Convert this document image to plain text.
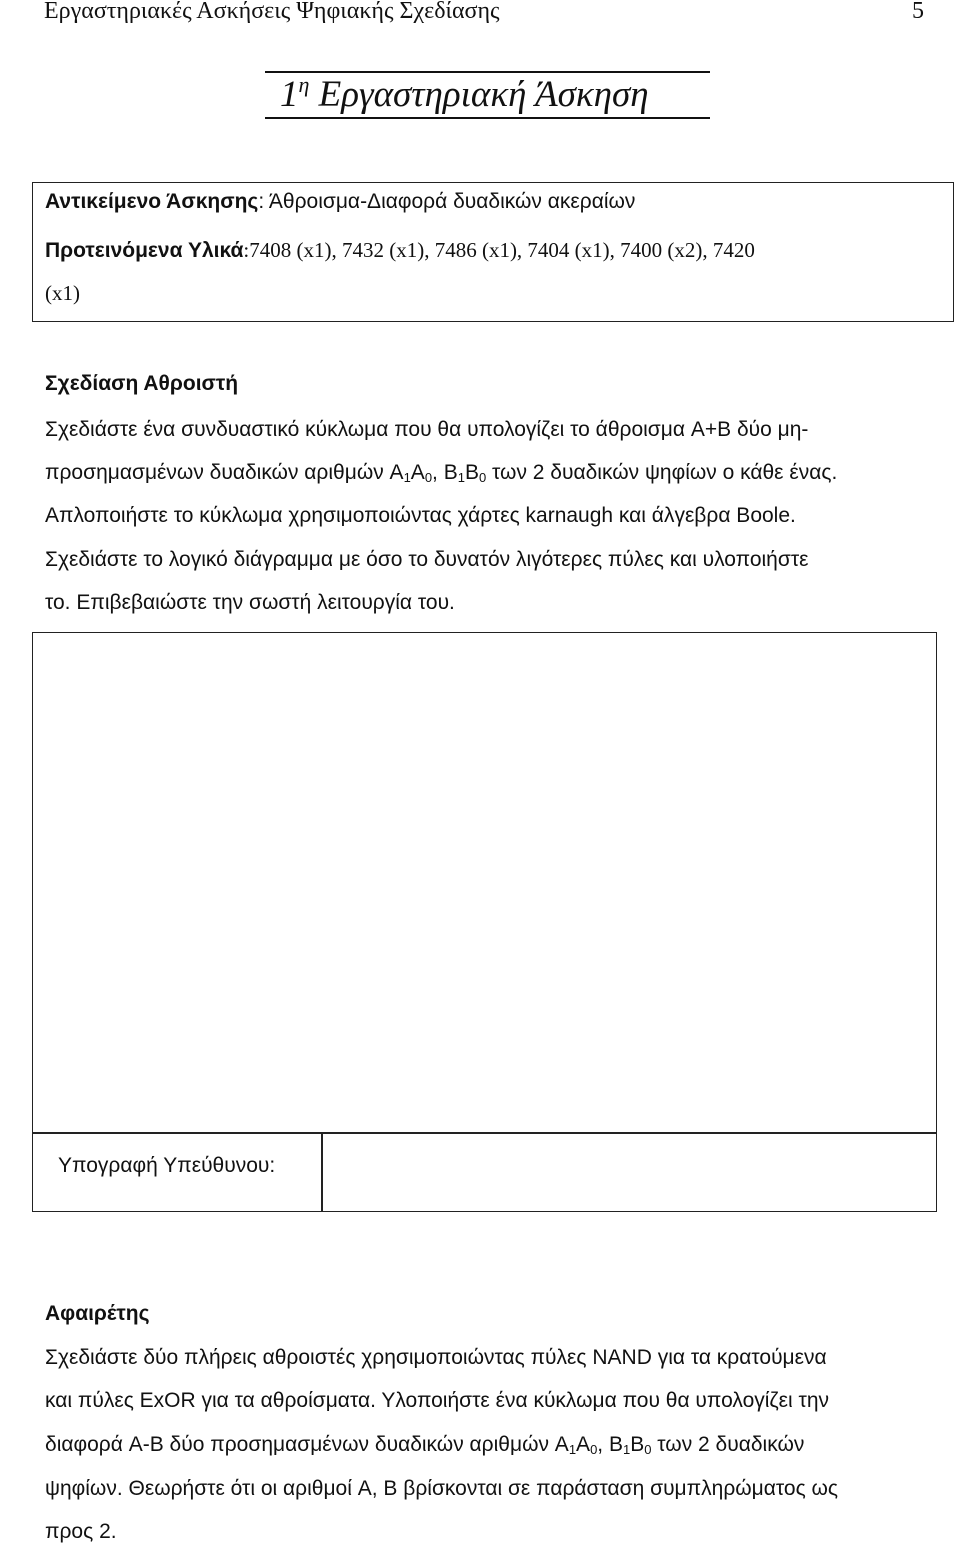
Εργαστηριακές Ασκήσεις Ψηφιακής Σχεδίασης	5
$1^\eta$ Εργαστηριακή Άσκηση
Αντικείμενο Άσκησης: Άθροισμα-Διαφορά δυαδικών ακεραίων
Προτεινόμενα Υλικά:7408 (x1), 7432 (x1), 7486 (x1), 7404 (x1), 7400 (x2), 7420
(x1)
Σχεδίαση Αθροιστή
Σχεδιάστε ένα συνδυαστικό κύκλωμα που θα υπολογίζει το άθροισμα A+B δύο μη-
προσημασμένων δυαδικών αριθμών $A_1A_0$, $B_1B_0$ των 2 δυαδικών ψηφίων ο κάθε ένας.
Απλοποιήστε το κύκλωμα χρησιμοποιώντας χάρτες karnaugh και άλγεβρα Boole.
Σχεδιάστε το λογικό διάγραμμα με όσο το δυνατόν λιγότερες πύλες και υλοποιήστε
το. Επιβεβαιώστε την σωστή λειτουργία του.
Υπογραφή Υπεύθυνου:
Αφαιρέτης
Σχεδιάστε δύο πλήρεις αθροιστές χρησιμοποιώντας πύλες NAND για τα κρατούμενα
και πύλες ExOR για τα αθροίσματα. Υλοποιήστε ένα κύκλωμα που θα υπολογίζει την
διαφορά A-B δύο προσημασμένων δυαδικών αριθμών $A_1A_0$, $B_1B_0$ των 2 δυαδικών
ψηφίων. Θεωρήστε ότι οι αριθμοί A, B βρίσκονται σε παράσταση συμπληρώματος ως
προς 2.
